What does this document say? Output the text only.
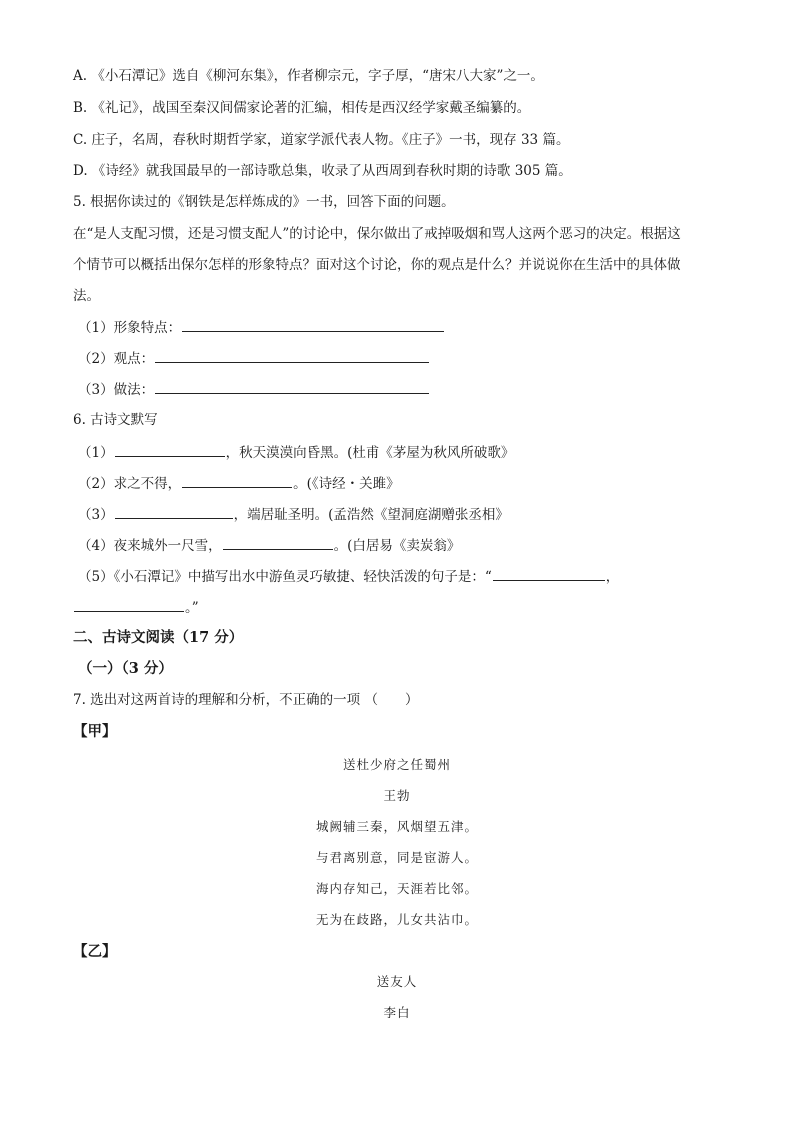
A. 《小石潭记》选自《柳河东集》，作者柳宗元，字子厚，“唐宋八大家”之一。
B. 《礼记》，战国至秦汉间儒家论著的汇编，相传是西汉经学家戴圣编纂的。
C. 庄子，名周，春秋时期哲学家，道家学派代表人物。《庄子》一书，现存 33 篇。
D. 《诗经》就我国最早的一部诗歌总集，收录了从西周到春秋时期的诗歌 305 篇。
5. 根据你读过的《钢铁是怎样炼成的》一书，回答下面的问题。
在“是人支配习惯，还是习惯支配人”的讨论中，保尔做出了戒掉吸烟和骂人这两个恶习的决定。根据这
个情节可以概括出保尔怎样的形象特点？面对这个讨论，你的观点是什么？并说说你在生活中的具体做
法。
（1）形象特点：
（2）观点：
（3）做法：
6. 古诗文默写
（1）	，秋天漠漠向昏黑。(杜甫《茅屋为秋风所破歌》
（2）求之不得，	。(《诗经・关雎》
（3）	，端居耻圣明。(孟浩然《望洞庭湖赠张丞相》
（4）夜来城外一尺雪，	。(白居易《卖炭翁》
（5）《小石潭记》中描写出水中游鱼灵巧敏捷、轻快活泼的句子是：“	，
。”
二、古诗文阅读（17 分）
（一）（3 分）
7. 选出对这两首诗的理解和分析，不正确的一项 （　　）
【甲】
送杜少府之任蜀州
王勃
城阙辅三秦，风烟望五津。
与君离别意，同是宦游人。
海内存知己，天涯若比邻。
无为在歧路，儿女共沾巾。
【乙】
送友人
李白
